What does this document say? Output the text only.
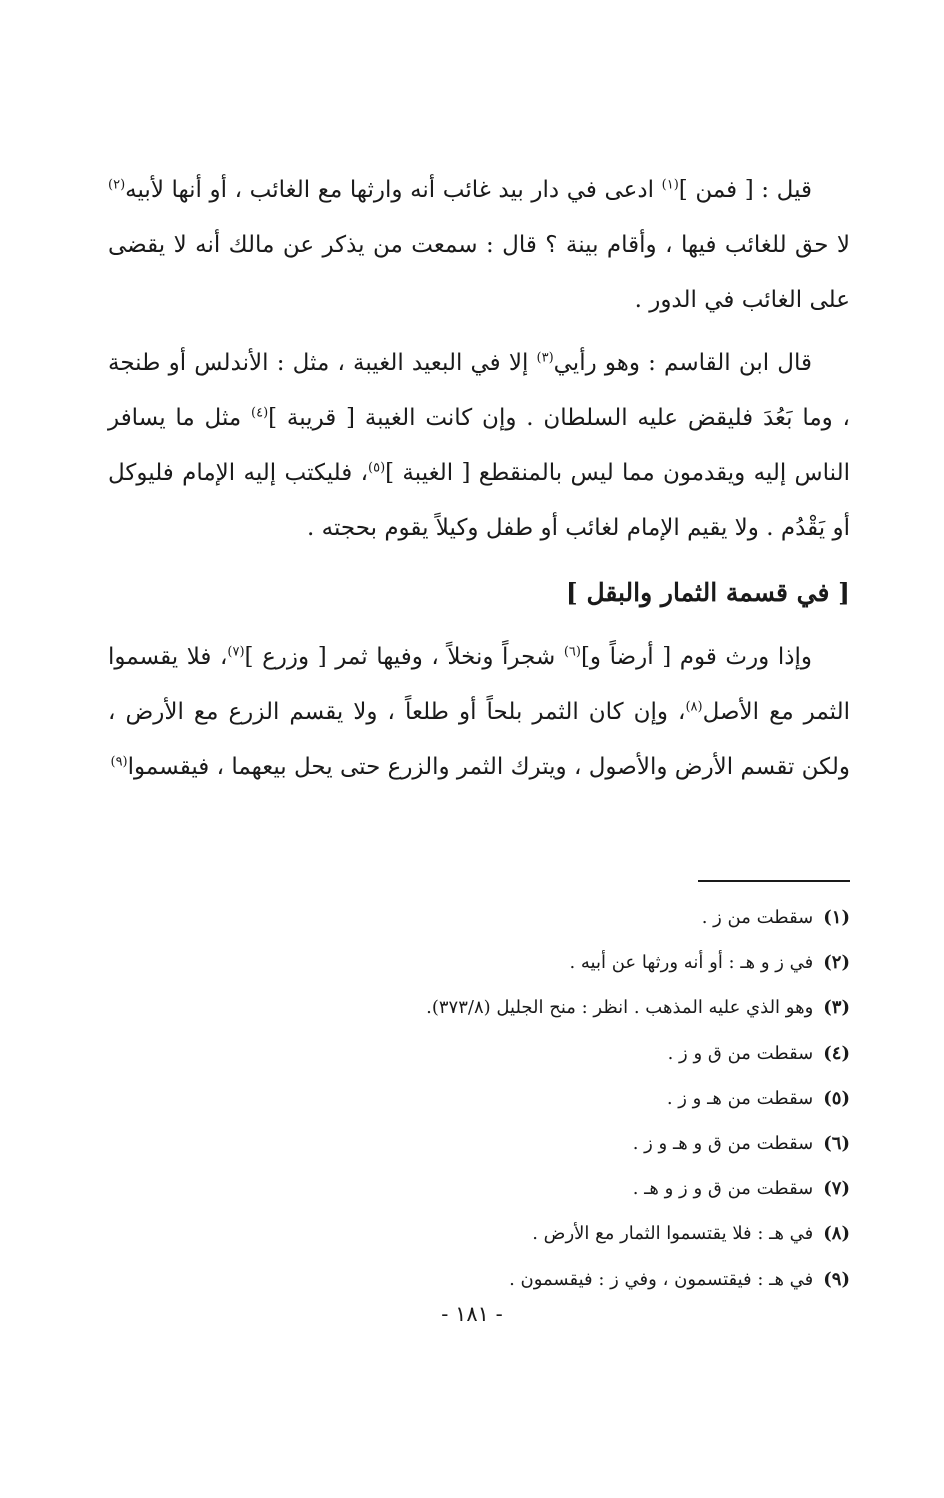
قيل : [ فمن ]$^{(١)}$ ادعى في دار بيد غائب أنه وارثها مع الغائب ، أو أنها لأبيه$^{(٢)}$ لا حق للغائب فيها ، وأقام بينة ؟ قال : سمعت من يذكر عن مالك أنه لا يقضى على الغائب في الدور .

قال ابن القاسم : وهو رأيي$^{(٣)}$ إلا في البعيد الغيبة ، مثل : الأندلس أو طنجة ، وما بَعُدَ فليقض عليه السلطان . وإن كانت الغيبة [ قريبة ]$^{(٤)}$ مثل ما يسافر الناس إليه ويقدمون مما ليس بالمنقطع [ الغيبة ]$^{(٥)}$، فليكتب إليه الإمام فليوكل أو يَقْدُم . ولا يقيم الإمام لغائب أو طفل وكيلاً يقوم بحجته .

[ في قسمة الثمار والبقل ]

وإذا ورث قوم [ أرضاً و]$^{(٦)}$ شجراً ونخلاً ، وفيها ثمر [ وزرع ]$^{(٧)}$، فلا يقسموا الثمر مع الأصل$^{(٨)}$، وإن كان الثمر بلحاً أو طلعاً ، ولا يقسم الزرع مع الأرض ، ولكن تقسم الأرض والأصول ، ويترك الثمر والزرع حتى يحل بيعهما ، فيقسموا$^{(٩)}$

(١)سقطت من ز .
(٢)في ز و هـ : أو أنه ورثها عن أبيه .
(٣)وهو الذي عليه المذهب . انظر : منح الجليل (٣٧٣/٨).
(٤)سقطت من ق و ز .
(٥)سقطت من هـ و ز .
(٦)سقطت من ق و هـ و ز .
(٧)سقطت من ق و ز و هـ .
(٨)في هـ : فلا يقتسموا الثمار مع الأرض .
(٩)في هـ : فيقتسمون ، وفي ز : فيقسمون .
- ١٨١ -
